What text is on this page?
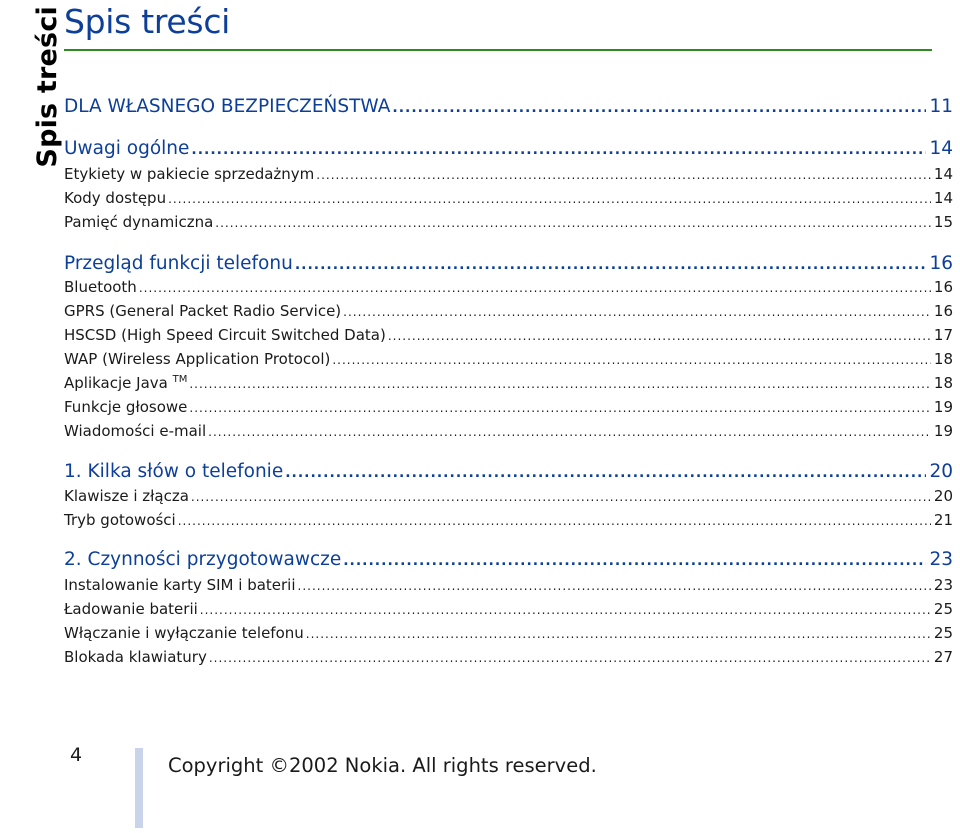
Spis treści Spis treści
DLA WŁASNEGO BEZPIECZEŃSTWA .....	11
Uwagi ogólne .....	14
Etykiety w pakiecie sprzedażnym .....	14
Kody dostępu .....	14
Pamięć dynamiczna .....	15
Przegląd funkcji telefonu .....	16
Bluetooth .....	16
GPRS (General Packet Radio Service) .....	16
HSCSD (High Speed Circuit Switched Data) .....	17
WAP (Wireless Application Protocol) .....	18
Aplikacje Java ™ .....	18
Funkcje głosowe .....	19
Wiadomości e-mail .....	19
1. Kilka słów o telefonie .....	20
Klawisze i złącza .....	20
Tryb gotowości .....	21
2. Czynności przygotowawcze .....	23
Instalowanie karty SIM i baterii .....	23
Ładowanie baterii .....	25
Włączanie i wyłączanie telefonu .....	25
Blokada klawiatury .....	27
4	Copyright ©2002 Nokia. All rights reserved.
